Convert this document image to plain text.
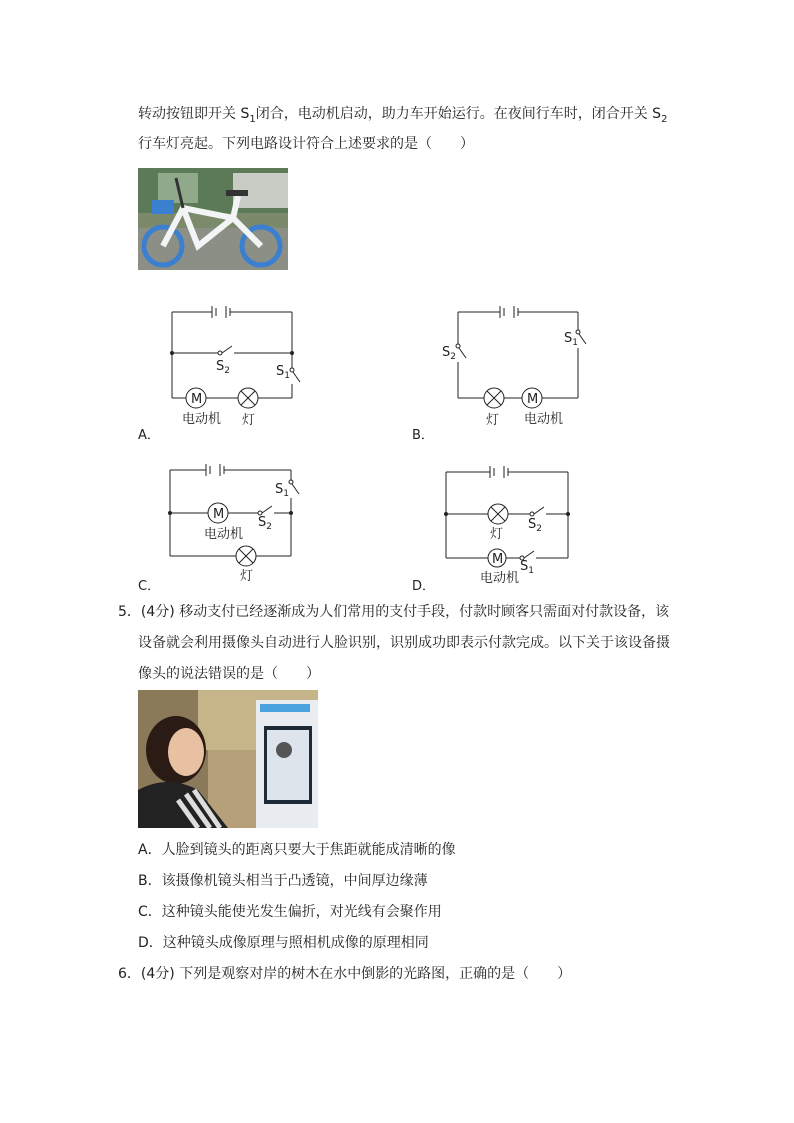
转动按钮即开关 $S_1$闭合，电动机启动，助力车开始运行。在夜间行车时，闭合开关 $S_2$
行车灯亮起。下列电路设计符合上述要求的是（　　）
M
$S_2$	$S_1$
电动机 灯
A．
M
$S_2$
$S_1$
灯 电动机
B．
M
$S_1$
$S_2$
电动机
灯
C．
M
$S_2$
$S_1$
灯
电动机
D．
5．(4分) 移动支付已经逐渐成为人们常用的支付手段，付款时顾客只需面对付款设备，该
设备就会利用摄像头自动进行人脸识别，识别成功即表示付款完成。以下关于该设备摄
像头的说法错误的是（　　）
A．人脸到镜头的距离只要大于焦距就能成清晰的像
B．该摄像机镜头相当于凸透镜，中间厚边缘薄
C．这种镜头能使光发生偏折，对光线有会聚作用
D．这种镜头成像原理与照相机成像的原理相同
6．(4分) 下列是观察对岸的树木在水中倒影的光路图，正确的是（　　）
